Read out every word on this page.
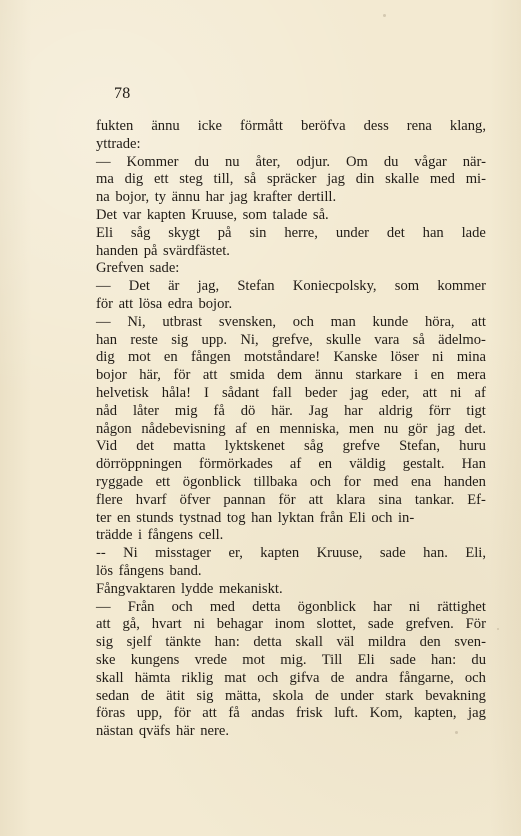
78
fukten ännu icke förmått beröfva dess rena klang,
yttrade:
— Kommer du nu åter, odjur. Om du vågar när-
ma dig ett steg till, så spräcker jag din skalle med mi-
na bojor, ty ännu har jag krafter dertill.
Det var kapten Kruuse, som talade så.
Eli såg skygt på sin herre, under det han lade
handen på svärdfästet.
Grefven sade:
— Det är jag, Stefan Koniecpolsky, som kommer
för att lösa edra bojor.
— Ni, utbrast svensken, och man kunde höra, att
han reste sig upp. Ni, grefve, skulle vara så ädelmo-
dig mot en fången motståndare! Kanske löser ni mina
bojor här, för att smida dem ännu starkare i en mera
helvetisk håla! I sådant fall beder jag eder, att ni af
nåd låter mig få dö här. Jag har aldrig förr tigt
någon nådebevisning af en menniska, men nu gör jag det.
Vid det matta lyktskenet såg grefve Stefan, huru
dörröppningen förmörkades af en väldig gestalt. Han
ryggade ett ögonblick tillbaka och for med ena handen
flere hvarf öfver pannan för att klara sina tankar. Ef-
ter en stunds tystnad tog han lyktan från Eli och in-
trädde i fångens cell.
-- Ni misstager er, kapten Kruuse, sade han. Eli,
lös fångens band.
Fångvaktaren lydde mekaniskt.
— Från och med detta ögonblick har ni rättighet
att gå, hvart ni behagar inom slottet, sade grefven. För
sig sjelf tänkte han: detta skall väl mildra den sven-
ske kungens vrede mot mig. Till Eli sade han: du
skall hämta riklig mat och gifva de andra fångarne, och
sedan de ätit sig mätta, skola de under stark bevakning
föras upp, för att få andas frisk luft. Kom, kapten, jag
nästan qväfs här nere.
